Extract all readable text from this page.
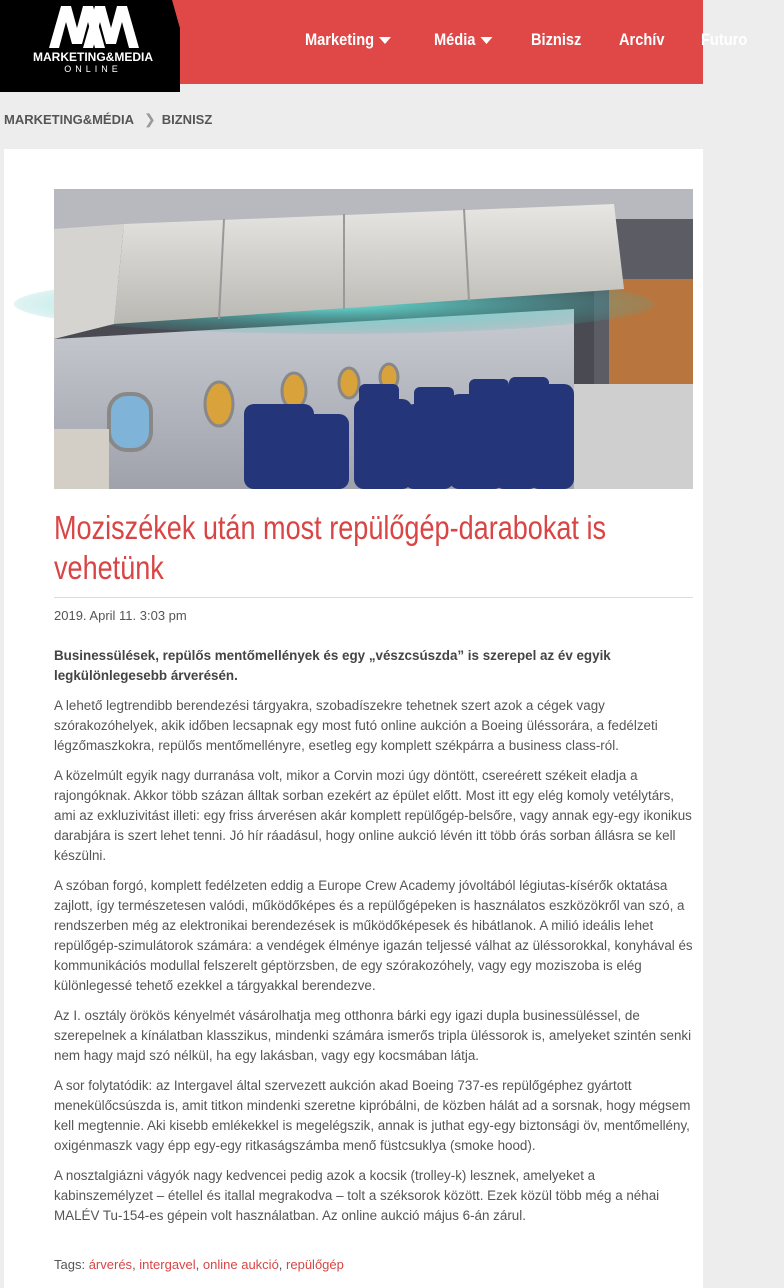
MARKETING&MEDIA
ONLINE
Marketing	Média	Biznisz Archív Futuro
MARKETING&MÉDIA ❯ BIZNISZ
Moziszékek után most repülőgép-darabokat is vehetünk
2019. April 11. 3:03 pm

Businessülések, repülős mentőmellények és egy „vészcsúszda” is szerepel az év egyik legkülönlegesebb árverésén.

A lehető legtrendibb berendezési tárgyakra, szobadíszekre tehetnek szert azok a cégek vagy szórakozóhelyek, akik időben lecsapnak egy most futó online aukción a Boeing üléssorára, a fedélzeti légzőmaszkokra, repülős mentőmellényre, esetleg egy komplett székpárra a business class-ról.

A közelmúlt egyik nagy durranása volt, mikor a Corvin mozi úgy döntött, csereérett székeit eladja a rajongóknak. Akkor több százan álltak sorban ezekért az épület előtt. Most itt egy elég komoly vetélytárs, ami az exkluzivitást illeti: egy friss árverésen akár komplett repülőgép-belsőre, vagy annak egy-egy ikonikus darabjára is szert lehet tenni. Jó hír ráadásul, hogy online aukció lévén itt több órás sorban állásra se kell készülni.

A szóban forgó, komplett fedélzeten eddig a Europe Crew Academy jóvoltából légiutas-kísérők oktatása zajlott, így természetesen valódi, működőképes és a repülőgépeken is használatos eszközökről van szó, a rendszerben még az elektronikai berendezések is működőképesek és hibátlanok. A milió ideális lehet repülőgép-szimulátorok számára: a vendégek élménye igazán teljessé válhat az üléssorokkal, konyhával és kommunikációs modullal felszerelt géptörzsben, de egy szórakozóhely, vagy egy moziszoba is elég különlegessé tehető ezekkel a tárgyakkal berendezve.

Az I. osztály örökös kényelmét vásárolhatja meg otthonra bárki egy igazi dupla businessüléssel, de szerepelnek a kínálatban klasszikus, mindenki számára ismerős tripla üléssorok is, amelyeket szintén senki nem hagy majd szó nélkül, ha egy lakásban, vagy egy kocsmában látja.

A sor folytatódik: az Intergavel által szervezett aukción akad Boeing 737-es repülőgéphez gyártott menekülőcsúszda is, amit titkon mindenki szeretne kipróbálni, de közben hálát ad a sorsnak, hogy mégsem kell megtennie. Aki kisebb emlékekkel is megelégszik, annak is juthat egy-egy biztonsági öv, mentőmellény, oxigénmaszk vagy épp egy-egy ritkaságszámba menő füstcsuklya (smoke hood).

A nosztalgiázni vágyók nagy kedvencei pedig azok a kocsik (trolley-k) lesznek, amelyeket a kabinszemélyzet – étellel és itallal megrakodva – tolt a széksorok között. Ezek közül több még a néhai MALÉV Tu-154-es gépein volt használatban. Az online aukció május 6-án zárul.

Tags: árverés, intergavel, online aukció, repülőgép
